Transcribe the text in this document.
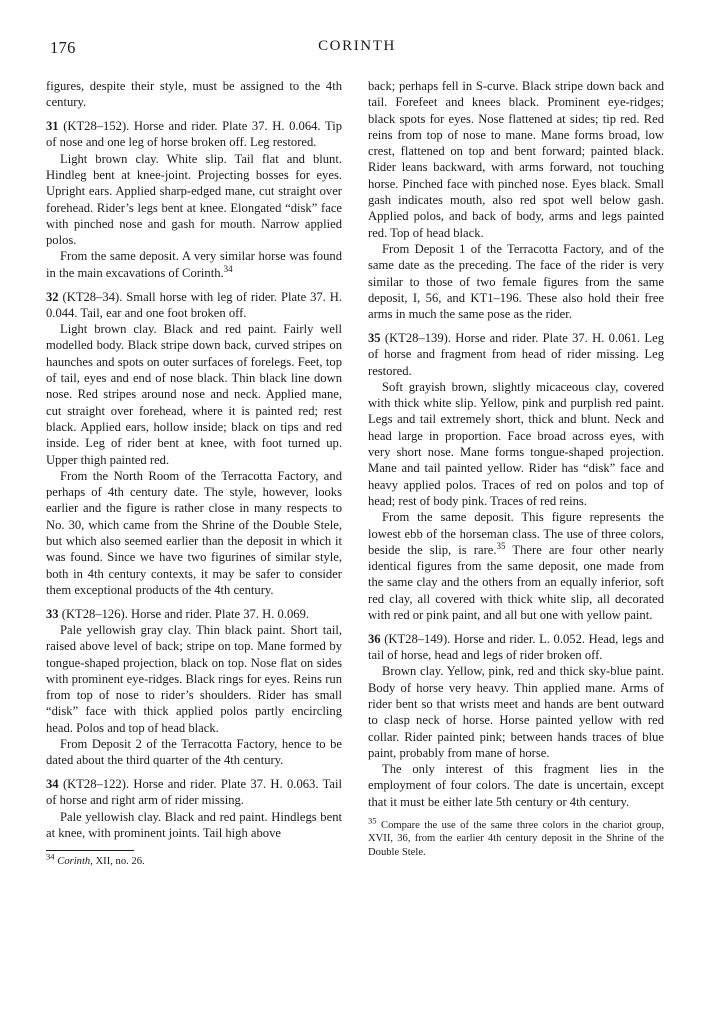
176	CORINTH

figures, despite their style, must be assigned to the 4th century.

31 (KT28–152). Horse and rider. Plate 37. H. 0.064. Tip of nose and one leg of horse broken off. Leg restored.

Light brown clay. White slip. Tail flat and blunt. Hindleg bent at knee-joint. Projecting bosses for eyes. Upright ears. Applied sharp-edged mane, cut straight over forehead. Rider’s legs bent at knee. Elongated “disk” face with pinched nose and gash for mouth. Narrow applied polos.

From the same deposit. A very similar horse was found in the main excavations of Corinth.$^{34}$

32 (KT28–34). Small horse with leg of rider. Plate 37. H. 0.044. Tail, ear and one foot broken off.

Light brown clay. Black and red paint. Fairly well modelled body. Black stripe down back, curved stripes on haunches and spots on outer surfaces of forelegs. Feet, top of tail, eyes and end of nose black. Thin black line down nose. Red stripes around nose and neck. Applied mane, cut straight over forehead, where it is painted red; rest black. Applied ears, hollow inside; black on tips and red inside. Leg of rider bent at knee, with foot turned up. Upper thigh painted red.

From the North Room of the Terracotta Factory, and perhaps of 4th century date. The style, however, looks earlier and the figure is rather close in many respects to No. 30, which came from the Shrine of the Double Stele, but which also seemed earlier than the deposit in which it was found. Since we have two figurines of similar style, both in 4th century contexts, it may be safer to consider them exceptional products of the 4th century.

33 (KT28–126). Horse and rider. Plate 37. H. 0.069.

Pale yellowish gray clay. Thin black paint. Short tail, raised above level of back; stripe on top. Mane formed by tongue-shaped projection, black on top. Nose flat on sides with prominent eye-ridges. Black rings for eyes. Reins run from top of nose to rider’s shoulders. Rider has small “disk” face with thick applied polos partly encircling head. Polos and top of head black.

From Deposit 2 of the Terracotta Factory, hence to be dated about the third quarter of the 4th century.

34 (KT28–122). Horse and rider. Plate 37. H. 0.063. Tail of horse and right arm of rider missing.

Pale yellowish clay. Black and red paint. Hindlegs bent at knee, with prominent joints. Tail high above

$^{34}$ Corinth, XII, no. 26.

back; perhaps fell in S-curve. Black stripe down back and tail. Forefeet and knees black. Prominent eye-ridges; black spots for eyes. Nose flattened at sides; tip red. Red reins from top of nose to mane. Mane forms broad, low crest, flattened on top and bent forward; painted black. Rider leans backward, with arms forward, not touching horse. Pinched face with pinched nose. Eyes black. Small gash indicates mouth, also red spot well below gash. Applied polos, and back of body, arms and legs painted red. Top of head black.

From Deposit 1 of the Terracotta Factory, and of the same date as the preceding. The face of the rider is very similar to those of two female figures from the same deposit, I, 56, and KT1–196. These also hold their free arms in much the same pose as the rider.

35 (KT28–139). Horse and rider. Plate 37. H. 0.061. Leg of horse and fragment from head of rider missing. Leg restored.

Soft grayish brown, slightly micaceous clay, covered with thick white slip. Yellow, pink and purplish red paint. Legs and tail extremely short, thick and blunt. Neck and head large in proportion. Face broad across eyes, with very short nose. Mane forms tongue-shaped projection. Mane and tail painted yellow. Rider has “disk” face and heavy applied polos. Traces of red on polos and top of head; rest of body pink. Traces of red reins.

From the same deposit. This figure represents the lowest ebb of the horseman class. The use of three colors, beside the slip, is rare.$^{35}$ There are four other nearly identical figures from the same deposit, one made from the same clay and the others from an equally inferior, soft red clay, all covered with thick white slip, all decorated with red or pink paint, and all but one with yellow paint.

36 (KT28–149). Horse and rider. L. 0.052. Head, legs and tail of horse, head and legs of rider broken off.

Brown clay. Yellow, pink, red and thick sky-blue paint. Body of horse very heavy. Thin applied mane. Arms of rider bent so that wrists meet and hands are bent outward to clasp neck of horse. Horse painted yellow with red collar. Rider painted pink; between hands traces of blue paint, probably from mane of horse.

The only interest of this fragment lies in the employment of four colors. The date is uncertain, except that it must be either late 5th century or 4th century.

$^{35}$ Compare the use of the same three colors in the chariot group, XVII, 36, from the earlier 4th century deposit in the Shrine of the Double Stele.
